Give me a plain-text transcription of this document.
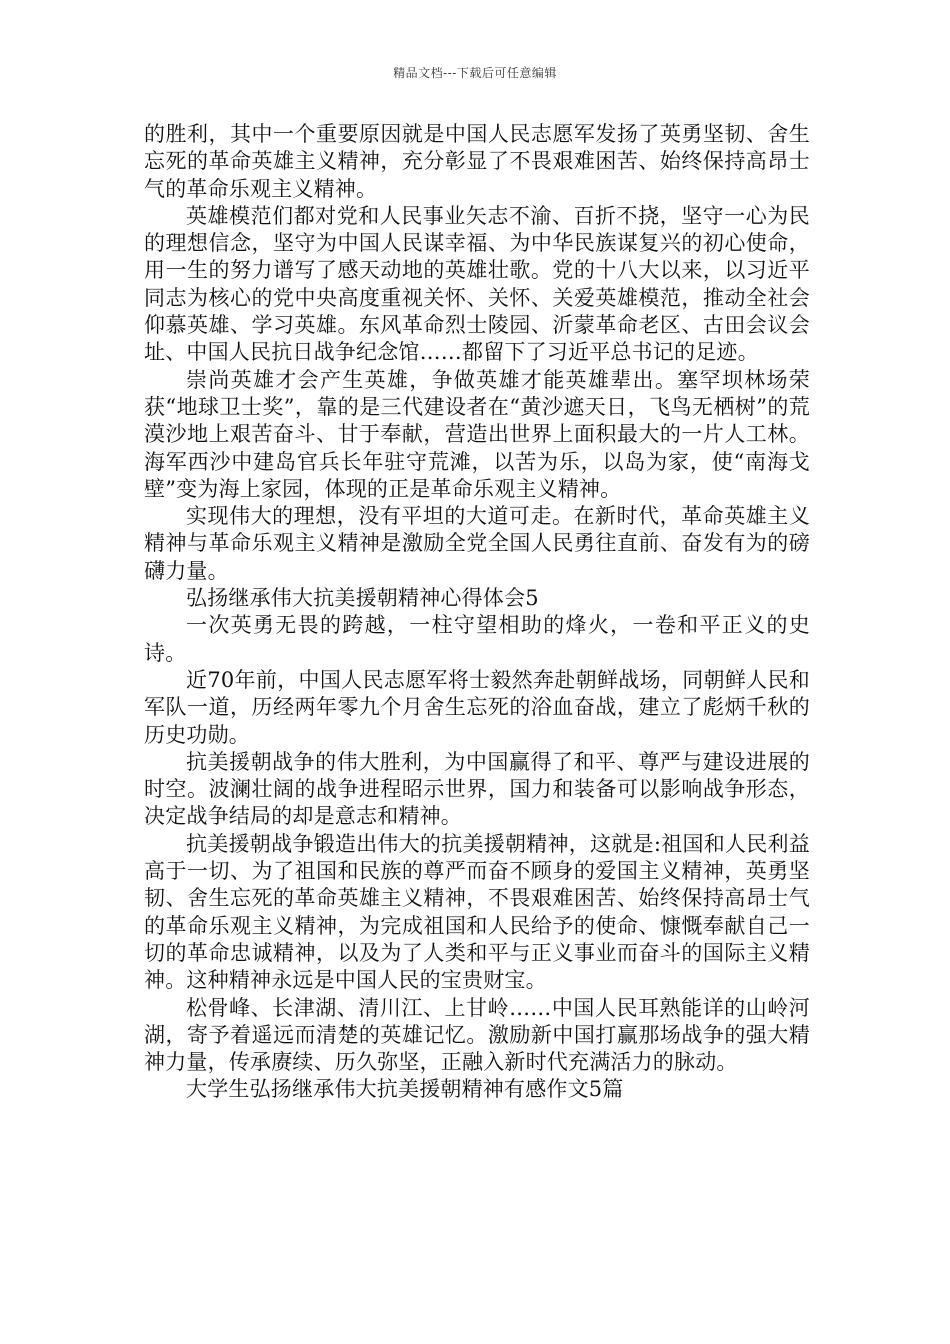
精品文档---下载后可任意编辑

的胜利，其中一个重要原因就是中国人民志愿军发扬了英勇坚韧、舍生忘死的革命英雄主义精神，充分彰显了不畏艰难困苦、始终保持高昂士气的革命乐观主义精神。

英雄模范们都对党和人民事业矢志不渝、百折不挠，坚守一心为民的理想信念，坚守为中国人民谋幸福、为中华民族谋复兴的初心使命，用一生的努力谱写了感天动地的英雄壮歌。党的十八大以来，以习近平同志为核心的党中央高度重视关怀、关怀、关爱英雄模范，推动全社会仰慕英雄、学习英雄。东风革命烈士陵园、沂蒙革命老区、古田会议会址、中国人民抗日战争纪念馆……都留下了习近平总书记的足迹。

崇尚英雄才会产生英雄，争做英雄才能英雄辈出。塞罕坝林场荣获“地球卫士奖”，靠的是三代建设者在“黄沙遮天日，飞鸟无栖树”的荒漠沙地上艰苦奋斗、甘于奉献，营造出世界上面积最大的一片人工林。海军西沙中建岛官兵长年驻守荒滩，以苦为乐，以岛为家，使“南海戈壁”变为海上家园，体现的正是革命乐观主义精神。

实现伟大的理想，没有平坦的大道可走。在新时代，革命英雄主义精神与革命乐观主义精神是激励全党全国人民勇往直前、奋发有为的磅礴力量。

弘扬继承伟大抗美援朝精神心得体会5

一次英勇无畏的跨越，一柱守望相助的烽火，一卷和平正义的史诗。

近70年前，中国人民志愿军将士毅然奔赴朝鲜战场，同朝鲜人民和军队一道，历经两年零九个月舍生忘死的浴血奋战，建立了彪炳千秋的历史功勋。

抗美援朝战争的伟大胜利，为中国赢得了和平、尊严与建设进展的时空。波澜壮阔的战争进程昭示世界，国力和装备可以影响战争形态，决定战争结局的却是意志和精神。

抗美援朝战争锻造出伟大的抗美援朝精神，这就是:祖国和人民利益高于一切、为了祖国和民族的尊严而奋不顾身的爱国主义精神，英勇坚韧、舍生忘死的革命英雄主义精神，不畏艰难困苦、始终保持高昂士气的革命乐观主义精神，为完成祖国和人民给予的使命、慷慨奉献自己一切的革命忠诚精神，以及为了人类和平与正义事业而奋斗的国际主义精神。这种精神永远是中国人民的宝贵财宝。

松骨峰、长津湖、清川江、上甘岭……中国人民耳熟能详的山岭河湖，寄予着遥远而清楚的英雄记忆。激励新中国打赢那场战争的强大精神力量，传承赓续、历久弥坚，正融入新时代充满活力的脉动。

大学生弘扬继承伟大抗美援朝精神有感作文5篇
